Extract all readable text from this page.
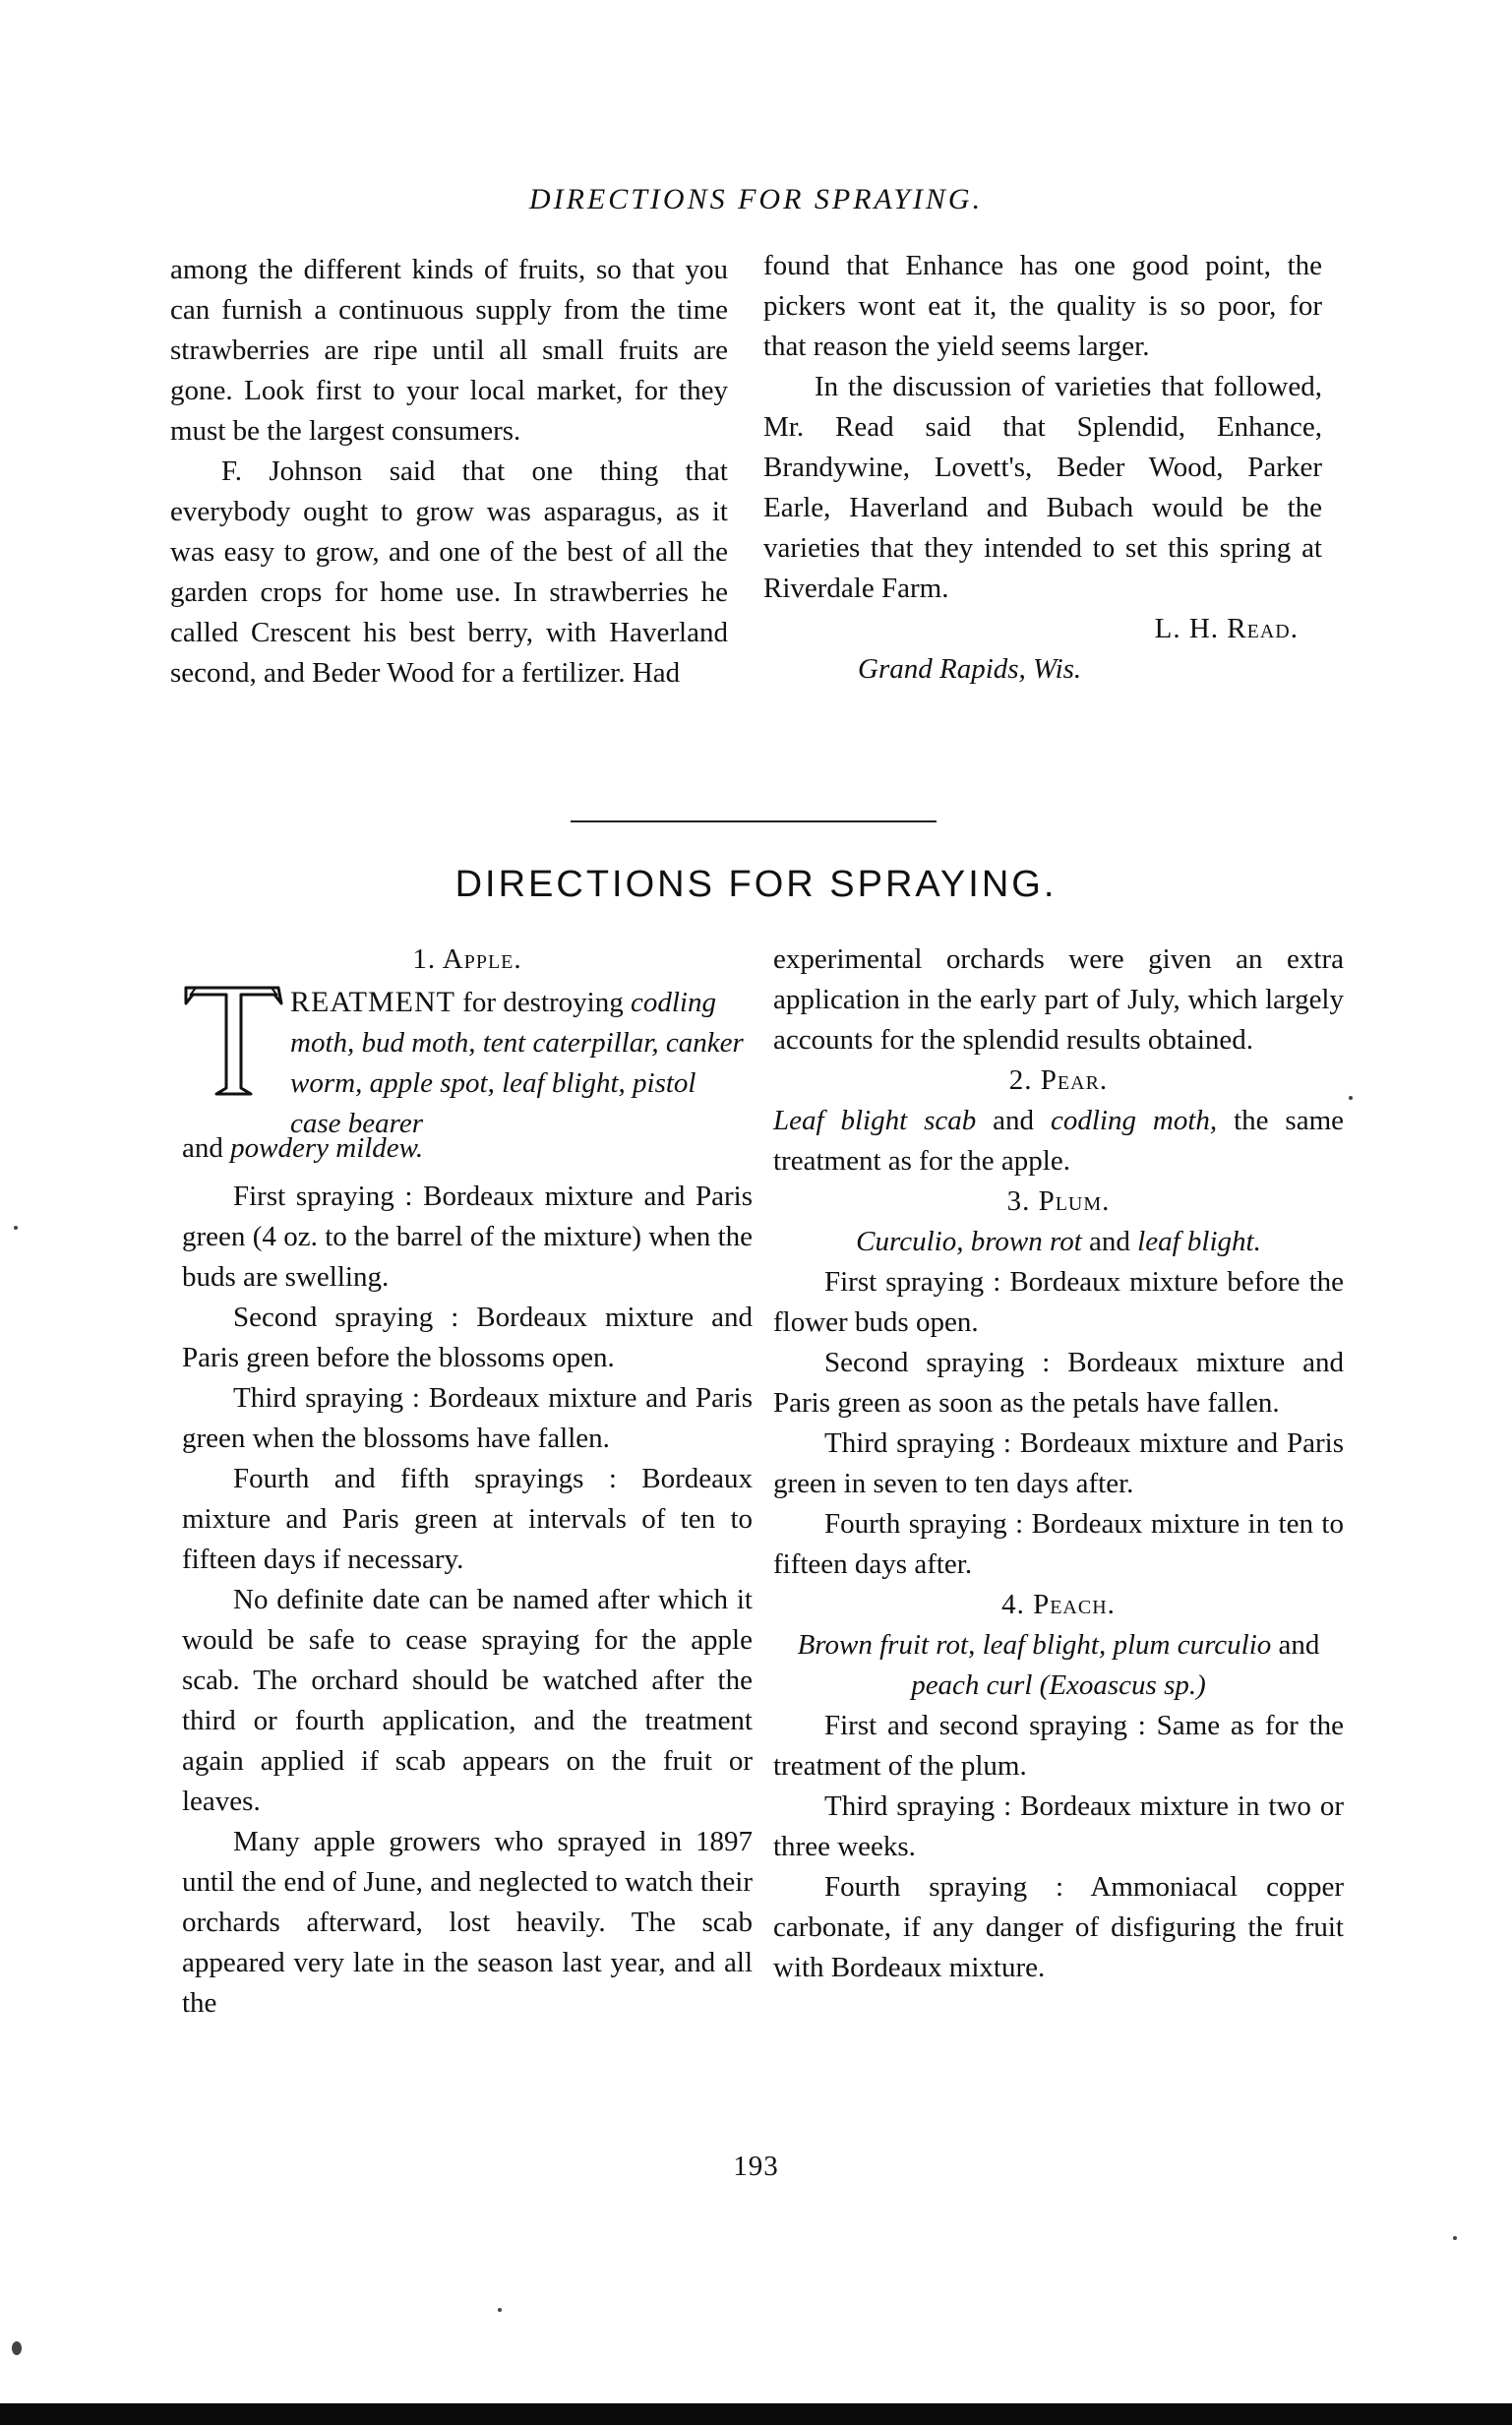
DIRECTIONS FOR SPRAYING.

among the different kinds of fruits, so that you can furnish a continuous supply from the time strawberries are ripe until all small fruits are gone. Look first to your local market, for they must be the largest consumers.

F. Johnson said that one thing that everybody ought to grow was asparagus, as it was easy to grow, and one of the best of all the garden crops for home use. In strawberries he called Crescent his best berry, with Haverland second, and Beder Wood for a fertilizer. Had

found that Enhance has one good point, the pickers wont eat it, the quality is so poor, for that reason the yield seems larger.

In the discussion of varieties that followed, Mr. Read said that Splendid, Enhance, Brandywine, Lovett's, Beder Wood, Parker Earle, Haverland and Bubach would be the varieties that they intended to set this spring at Riverdale Farm.

L. H. Read.

Grand Rapids, Wis.

DIRECTIONS FOR SPRAYING.

1. Apple.

REATMENT for destroying codling moth, bud moth, tent caterpillar, canker worm, apple spot, leaf blight, pistol case bearer

and powdery mildew.

First spraying : Bordeaux mixture and Paris green (4 oz. to the barrel of the mixture) when the buds are swelling.

Second spraying : Bordeaux mixture and Paris green before the blossoms open.

Third spraying : Bordeaux mixture and Paris green when the blossoms have fallen.

Fourth and fifth sprayings : Bordeaux mixture and Paris green at intervals of ten to fifteen days if necessary.

No definite date can be named after which it would be safe to cease spraying for the apple scab. The orchard should be watched after the third or fourth application, and the treatment again applied if scab appears on the fruit or leaves.

Many apple growers who sprayed in 1897 until the end of June, and neglected to watch their orchards afterward, lost heavily. The scab appeared very late in the season last year, and all the

experimental orchards were given an extra application in the early part of July, which largely accounts for the splendid results obtained.

2. Pear.

Leaf blight scab and codling moth, the same treatment as for the apple.

3. Plum.

Curculio, brown rot and leaf blight.

First spraying : Bordeaux mixture before the flower buds open.

Second spraying : Bordeaux mixture and Paris green as soon as the petals have fallen.

Third spraying : Bordeaux mixture and Paris green in seven to ten days after.

Fourth spraying : Bordeaux mixture in ten to fifteen days after.

4. Peach.

Brown fruit rot, leaf blight, plum curculio and peach curl (Exoascus sp.)

First and second spraying : Same as for the treatment of the plum.

Third spraying : Bordeaux mixture in two or three weeks.

Fourth spraying : Ammoniacal copper carbonate, if any danger of disfiguring the fruit with Bordeaux mixture.

193
